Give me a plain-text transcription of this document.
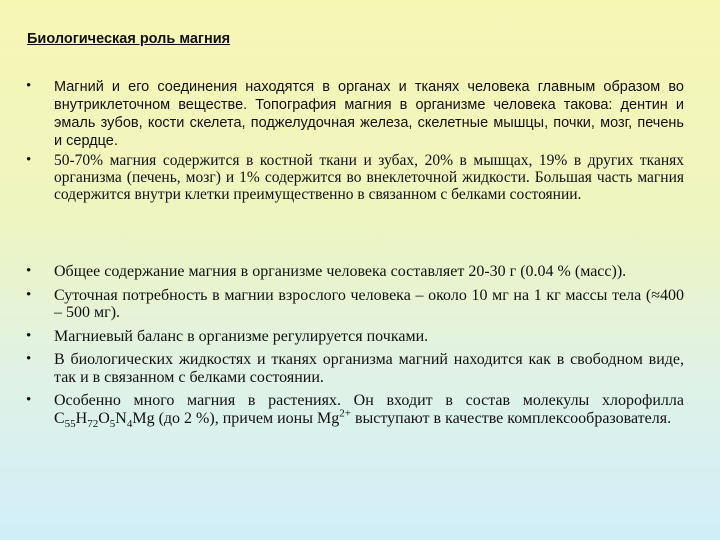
Биологическая роль магния
• Магний и его соединения находятся в органах и тканях человека главным образом во внутриклеточном веществе. Топография магния в организме человека такова: дентин и эмаль зубов, кости скелета, поджелудочная железа, скелетные мышцы, почки, мозг, печень и сердце.
• 50-70% магния содержится в костной ткани и зубах, 20% в мышцах, 19% в других тканях организма (печень, мозг) и 1% содержится во внеклеточной жидкости. Большая часть магния содержится внутри клетки преимущественно в связанном с белками состоянии.
• Общее содержание магния в организме человека составляет 20-30 г (0.04 % (масс)).
• Суточная потребность в магнии взрослого человека – около 10 мг на 1 кг массы тела (≈400 – 500 мг).
• Магниевый баланс в организме регулируется почками.
• В биологических жидкостях и тканях организма магний находится как в свободном виде, так и в связанном с белками состоянии.
• Особенно много магния в растениях. Он входит в состав молекулы хлорофилла $C_{55}H_{72}O_5N_4Mg$ (до 2 %), причем ионы $Mg^{2+}$ выступают в качестве комплексообразователя.
